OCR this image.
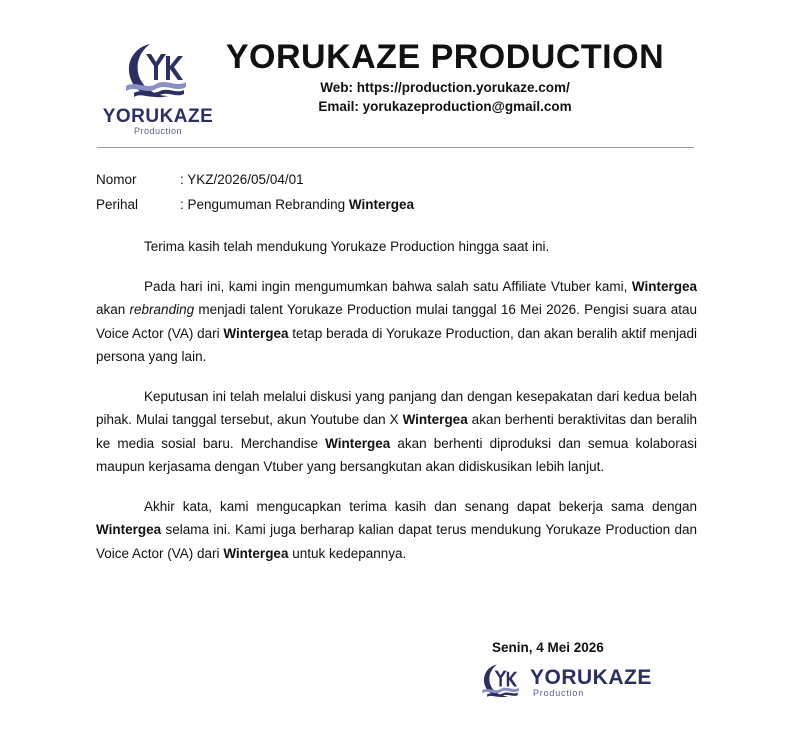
YORUKAZE
Production
YORUKAZE PRODUCTION
Web: https://production.yorukaze.com/
Email: yorukazeproduction@gmail.com
Nomor	: YKZ/2026/05/04/01
Perihal	: Pengumuman Rebranding Wintergea

Terima kasih telah mendukung Yorukaze Production hingga saat ini.

Pada hari ini, kami ingin mengumumkan bahwa salah satu Affiliate Vtuber kami, Wintergea akan rebranding menjadi talent Yorukaze Production mulai tanggal 16 Mei 2026. Pengisi suara atau Voice Actor (VA) dari Wintergea tetap berada di Yorukaze Production, dan akan beralih aktif menjadi persona yang lain.

Keputusan ini telah melalui diskusi yang panjang dan dengan kesepakatan dari kedua belah pihak. Mulai tanggal tersebut, akun Youtube dan X Wintergea akan berhenti beraktivitas dan beralih ke media sosial baru. Merchandise Wintergea akan berhenti diproduksi dan semua kolaborasi maupun kerjasama dengan Vtuber yang bersangkutan akan didiskusikan lebih lanjut.

Akhir kata, kami mengucapkan terima kasih dan senang dapat bekerja sama dengan Wintergea selama ini. Kami juga berharap kalian dapat terus mendukung Yorukaze Production dan Voice Actor (VA) dari Wintergea untuk kedepannya.

Senin, 4 Mei 2026
YORUKAZE
Production
